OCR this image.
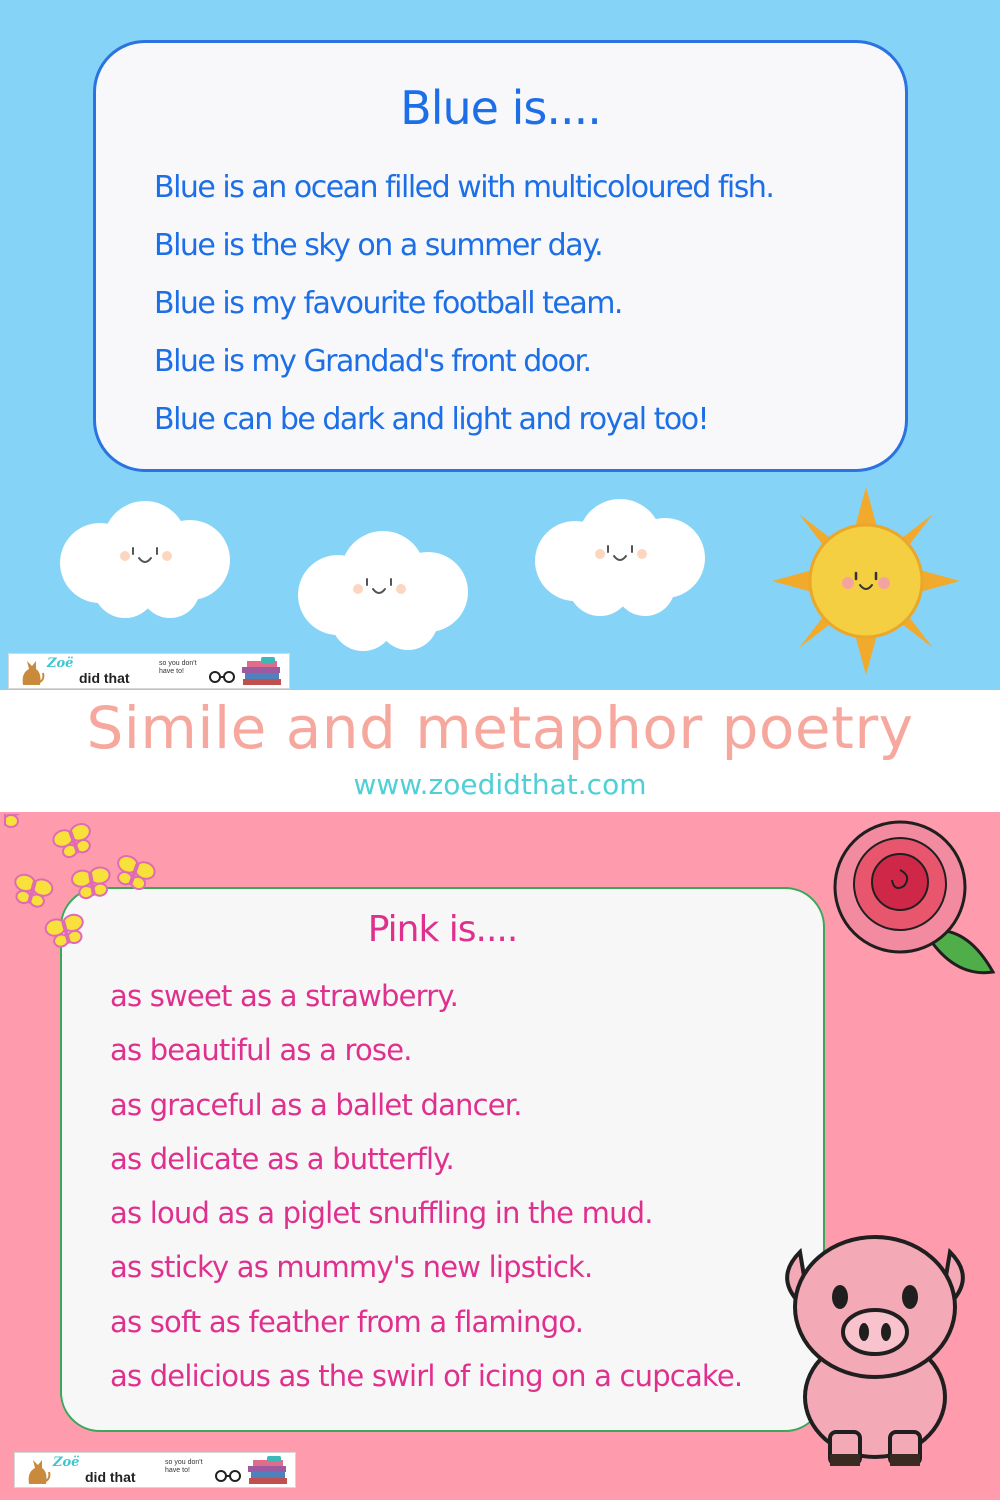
Blue is....
Blue is an ocean filled with multicoloured fish.
Blue is the sky on a summer day.
Blue is my favourite football team.
Blue is my Grandad's front door.
Blue can be dark and light and royal too!
Zoë
did that
so you don't have to!
Simile and metaphor poetry
www.zoedidthat.com
Pink is....
as sweet as a strawberry.
as beautiful as a rose.
as graceful as a ballet dancer.
as delicate as a butterfly.
as loud as a piglet snuffling in the mud.
as sticky as mummy's new lipstick.
as soft as feather from a flamingo.
as delicious as the swirl of icing on a cupcake.
Zoë
did that
so you don't have to!
